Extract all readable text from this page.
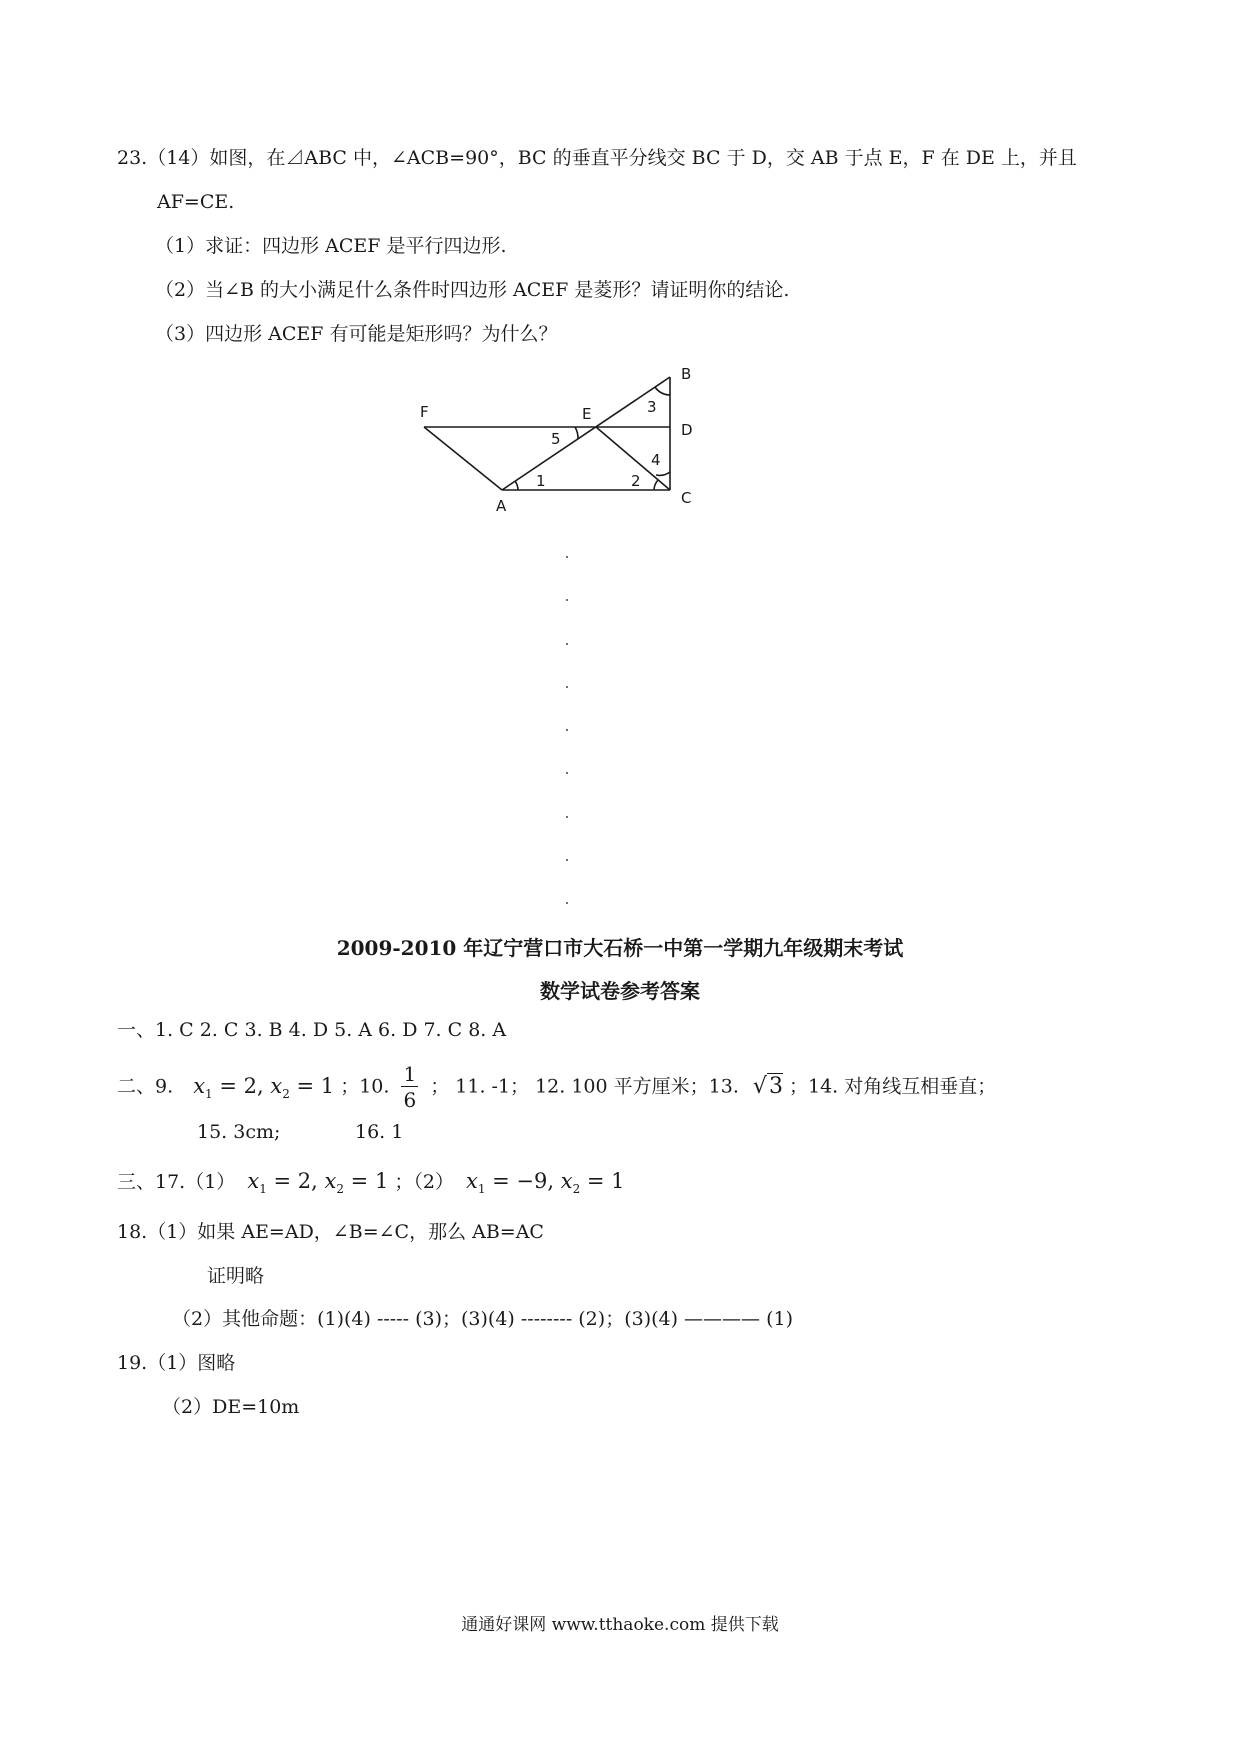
23.（14）如图，在⊿ABC 中，∠ACB=90°，BC 的垂直平分线交 BC 于 D，交 AB 于点 E，F 在 DE 上，并且
AF=CE.
（1）求证：四边形 ACEF 是平行四边形.
（2）当∠B 的大小满足什么条件时四边形 ACEF 是菱形？请证明你的结论.
（3）四边形 ACEF 有可能是矩形吗？为什么？
F	E
B
D
C
A
1	2
3
4
5
2009-2010 年辽宁营口市大石桥一中第一学期九年级期末考试
数学试卷参考答案
一、1. C 2. C 3. B 4. D 5. A 6. D 7. C 8. A
二、9. $x_1 = 2$, $x_2 = 1$ ；10. $\frac{1}{6}$ ； 11. -1； 12. 100 平方厘米；13. √3 ；14. 对角线互相垂直；
15. 3cm;	16. 1
三、17.（1） $x_1 = 2$, $x_2 = 1$ ；（2） $x_1 = -9$, $x_2 = 1$
18.（1）如果 AE=AD，∠B=∠C，那么 AB=AC
证明略
（2）其他命题：(1)(4) ----- (3)；(3)(4) -------- (2)；(3)(4) ———— (1)
19.（1）图略
（2）DE=10m
通通好课网 www.tthaoke.com 提供下载
